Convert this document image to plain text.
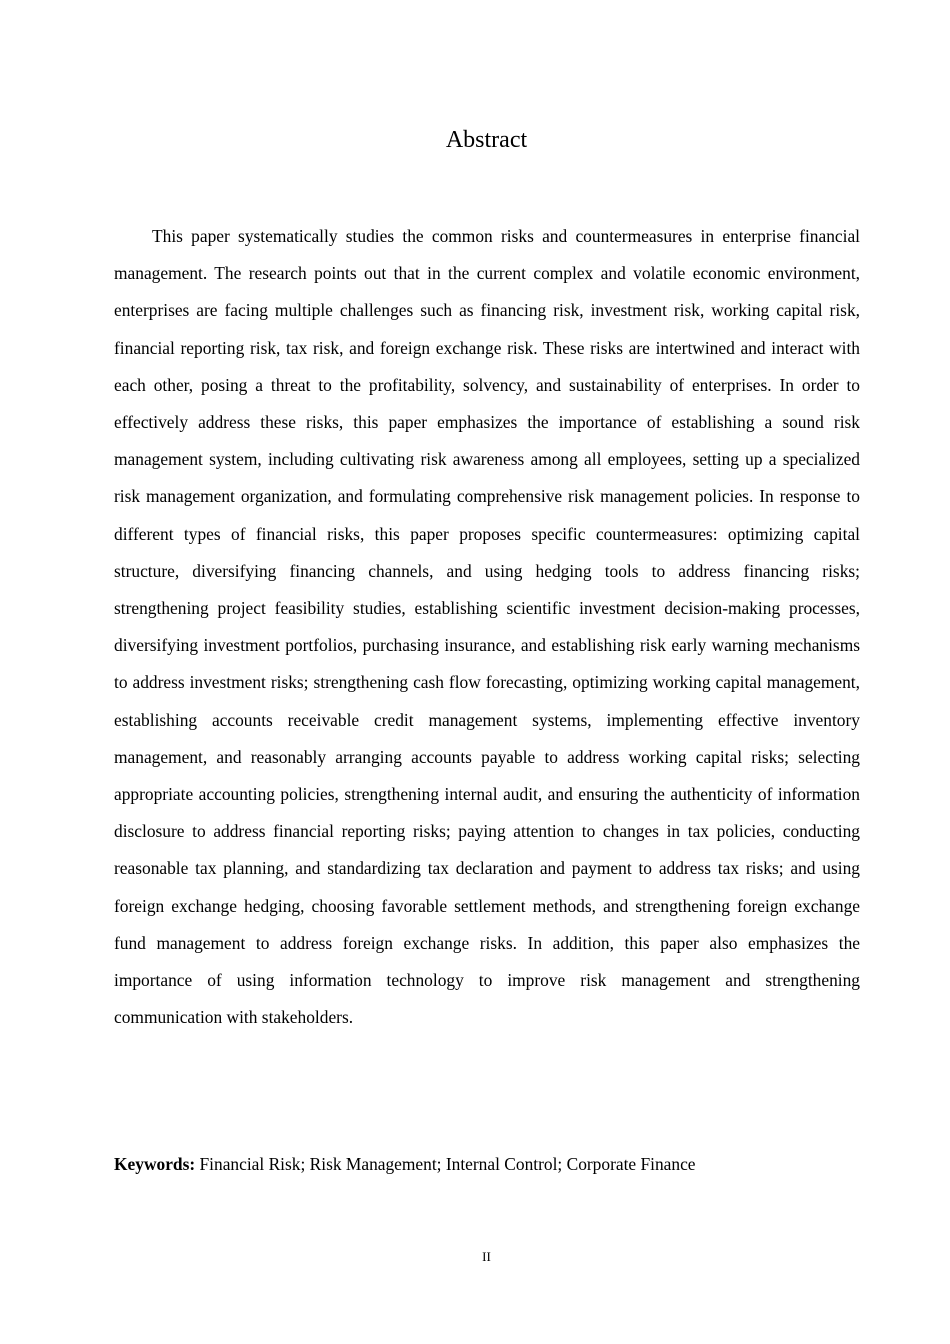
Abstract

This paper systematically studies the common risks and countermeasures in enterprise financial management. The research points out that in the current complex and volatile economic environment, enterprises are facing multiple challenges such as financing risk, investment risk, working capital risk, financial reporting risk, tax risk, and foreign exchange risk. These risks are intertwined and interact with each other, posing a threat to the profitability, solvency, and sustainability of enterprises. In order to effectively address these risks, this paper emphasizes the importance of establishing a sound risk management system, including cultivating risk awareness among all employees, setting up a specialized risk management organization, and formulating comprehensive risk management policies. In response to different types of financial risks, this paper proposes specific countermeasures: optimizing capital structure, diversifying financing channels, and using hedging tools to address financing risks; strengthening project feasibility studies, establishing scientific investment decision-making processes, diversifying investment portfolios, purchasing insurance, and establishing risk early warning mechanisms to address investment risks; strengthening cash flow forecasting, optimizing working capital management, establishing accounts receivable credit management systems, implementing effective inventory management, and reasonably arranging accounts payable to address working capital risks; selecting appropriate accounting policies, strengthening internal audit, and ensuring the authenticity of information disclosure to address financial reporting risks; paying attention to changes in tax policies, conducting reasonable tax planning, and standardizing tax declaration and payment to address tax risks; and using foreign exchange hedging, choosing favorable settlement methods, and strengthening foreign exchange fund management to address foreign exchange risks. In addition, this paper also emphasizes the importance of using information technology to improve risk management and strengthening communication with stakeholders.

Keywords: Financial Risk; Risk Management; Internal Control; Corporate Finance

II
